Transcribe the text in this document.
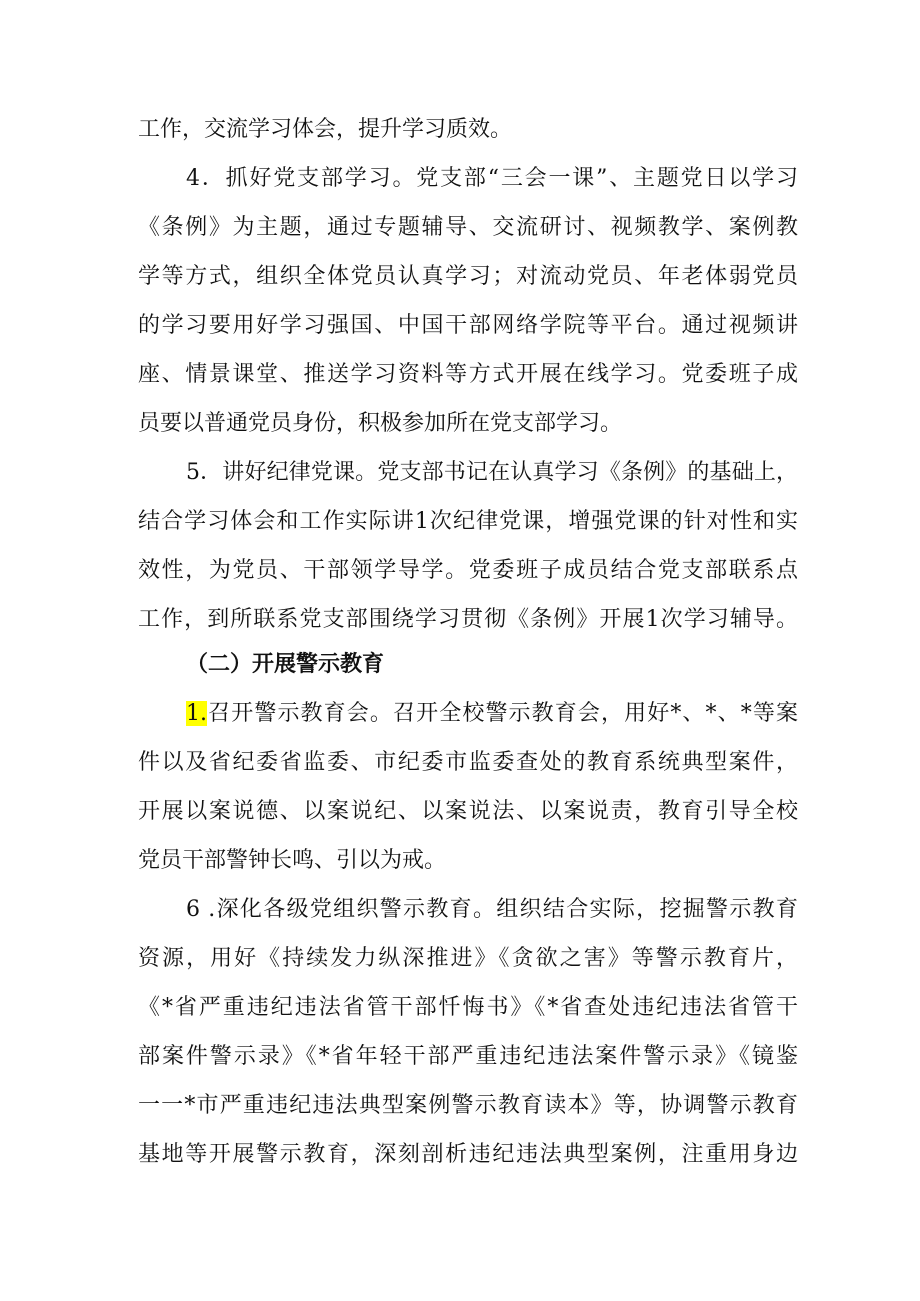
工作，交流学习体会，提升学习质效。
4．抓好党支部学习。党支部“三会一课”、主题党日以学习
《条例》为主题，通过专题辅导、交流研讨、视频教学、案例教
学等方式，组织全体党员认真学习；对流动党员、年老体弱党员
的学习要用好学习强国、中国干部网络学院等平台。通过视频讲
座、情景课堂、推送学习资料等方式开展在线学习。党委班子成
员要以普通党员身份，积极参加所在党支部学习。
5．讲好纪律党课。党支部书记在认真学习《条例》的基础上，
结合学习体会和工作实际讲1次纪律党课，增强党课的针对性和实
效性，为党员、干部领学导学。党委班子成员结合党支部联系点
工作，到所联系党支部围绕学习贯彻《条例》开展1次学习辅导。
（二）开展警示教育
1.召开警示教育会。召开全校警示教育会，用好*、*、*等案
件以及省纪委省监委、市纪委市监委查处的教育系统典型案件，
开展以案说德、以案说纪、以案说法、以案说责，教育引导全校
党员干部警钟长鸣、引以为戒。
6 .深化各级党组织警示教育。组织结合实际，挖掘警示教育
资源，用好《持续发力纵深推进》《贪欲之害》等警示教育片，
《*省严重违纪违法省管干部忏悔书》《*省查处违纪违法省管干
部案件警示录》《*省年轻干部严重违纪违法案件警示录》《镜鉴
一一*市严重违纪违法典型案例警示教育读本》等，协调警示教育
基地等开展警示教育，深刻剖析违纪违法典型案例，注重用身边
